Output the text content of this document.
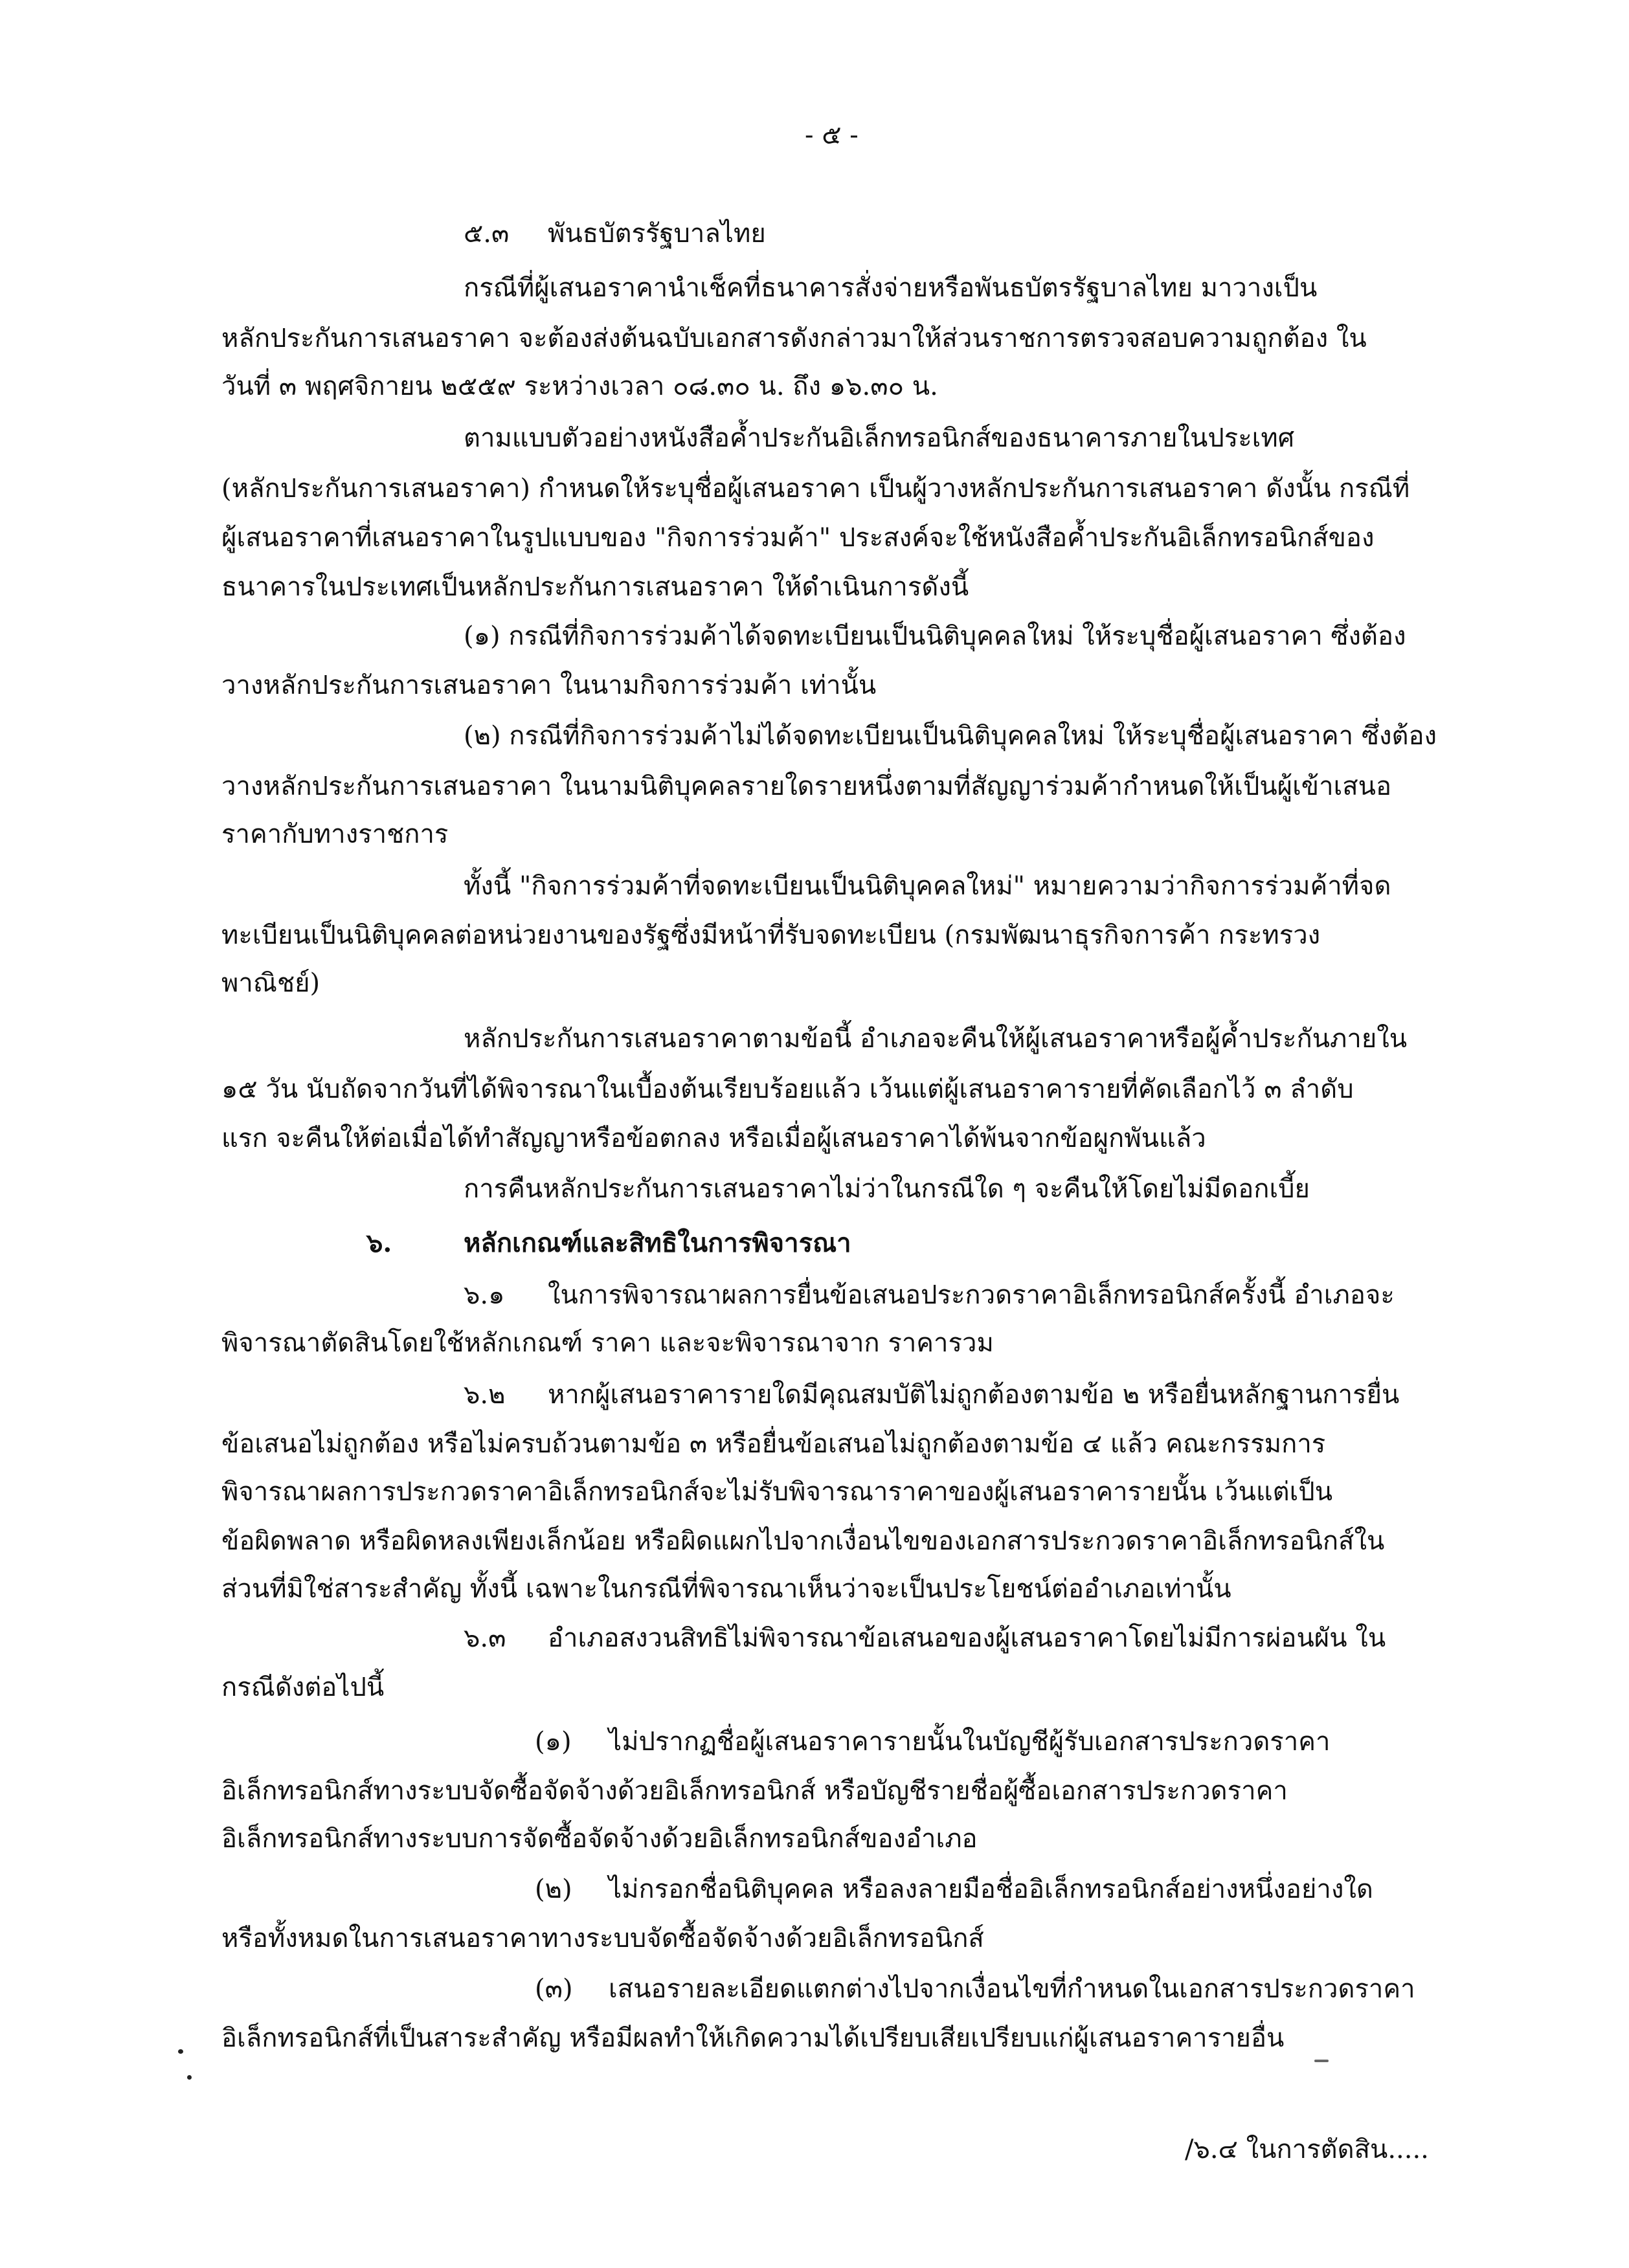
- ๕ -
๕.๓ พันธบัตรรัฐบาลไทย
กรณีที่ผู้เสนอราคานำเช็คที่ธนาคารสั่งจ่ายหรือพันธบัตรรัฐบาลไทย มาวางเป็น
หลักประกันการเสนอราคา จะต้องส่งต้นฉบับเอกสารดังกล่าวมาให้ส่วนราชการตรวจสอบความถูกต้อง ใน
วันที่ ๓ พฤศจิกายน ๒๕๕๙ ระหว่างเวลา ๐๘.๓๐ น. ถึง ๑๖.๓๐ น.
ตามแบบตัวอย่างหนังสือค้ำประกันอิเล็กทรอนิกส์ของธนาคารภายในประเทศ
(หลักประกันการเสนอราคา) กำหนดให้ระบุชื่อผู้เสนอราคา เป็นผู้วางหลักประกันการเสนอราคา ดังนั้น กรณีที่
ผู้เสนอราคาที่เสนอราคาในรูปแบบของ "กิจการร่วมค้า" ประสงค์จะใช้หนังสือค้ำประกันอิเล็กทรอนิกส์ของ
ธนาคารในประเทศเป็นหลักประกันการเสนอราคา ให้ดำเนินการดังนี้
(๑) กรณีที่กิจการร่วมค้าได้จดทะเบียนเป็นนิติบุคคลใหม่ ให้ระบุชื่อผู้เสนอราคา ซึ่งต้อง
วางหลักประกันการเสนอราคา ในนามกิจการร่วมค้า เท่านั้น
(๒) กรณีที่กิจการร่วมค้าไม่ได้จดทะเบียนเป็นนิติบุคคลใหม่ ให้ระบุชื่อผู้เสนอราคา ซึ่งต้อง
วางหลักประกันการเสนอราคา ในนามนิติบุคคลรายใดรายหนึ่งตามที่สัญญาร่วมค้ากำหนดให้เป็นผู้เข้าเสนอ
ราคากับทางราชการ
ทั้งนี้ "กิจการร่วมค้าที่จดทะเบียนเป็นนิติบุคคลใหม่" หมายความว่ากิจการร่วมค้าที่จด
ทะเบียนเป็นนิติบุคคลต่อหน่วยงานของรัฐซึ่งมีหน้าที่รับจดทะเบียน (กรมพัฒนาธุรกิจการค้า กระทรวง
พาณิชย์)
หลักประกันการเสนอราคาตามข้อนี้ อำเภอจะคืนให้ผู้เสนอราคาหรือผู้ค้ำประกันภายใน
๑๕ วัน นับถัดจากวันที่ได้พิจารณาในเบื้องต้นเรียบร้อยแล้ว เว้นแต่ผู้เสนอราคารายที่คัดเลือกไว้ ๓ ลำดับ
แรก จะคืนให้ต่อเมื่อได้ทำสัญญาหรือข้อตกลง หรือเมื่อผู้เสนอราคาได้พ้นจากข้อผูกพันแล้ว
การคืนหลักประกันการเสนอราคาไม่ว่าในกรณีใด ๆ จะคืนให้โดยไม่มีดอกเบี้ย
๖.	หลักเกณฑ์และสิทธิในการพิจารณา
๖.๑ ในการพิจารณาผลการยื่นข้อเสนอประกวดราคาอิเล็กทรอนิกส์ครั้งนี้ อำเภอจะ
พิจารณาตัดสินโดยใช้หลักเกณฑ์ ราคา และจะพิจารณาจาก ราคารวม
๖.๒ หากผู้เสนอราคารายใดมีคุณสมบัติไม่ถูกต้องตามข้อ ๒ หรือยื่นหลักฐานการยื่น
ข้อเสนอไม่ถูกต้อง หรือไม่ครบถ้วนตามข้อ ๓ หรือยื่นข้อเสนอไม่ถูกต้องตามข้อ ๔ แล้ว คณะกรรมการ
พิจารณาผลการประกวดราคาอิเล็กทรอนิกส์จะไม่รับพิจารณาราคาของผู้เสนอราคารายนั้น เว้นแต่เป็น
ข้อผิดพลาด หรือผิดหลงเพียงเล็กน้อย หรือผิดแผกไปจากเงื่อนไขของเอกสารประกวดราคาอิเล็กทรอนิกส์ใน
ส่วนที่มิใช่สาระสำคัญ ทั้งนี้ เฉพาะในกรณีที่พิจารณาเห็นว่าจะเป็นประโยชน์ต่ออำเภอเท่านั้น
๖.๓ อำเภอสงวนสิทธิไม่พิจารณาข้อเสนอของผู้เสนอราคาโดยไม่มีการผ่อนผัน ใน
กรณีดังต่อไปนี้
(๑) ไม่ปรากฏชื่อผู้เสนอราคารายนั้นในบัญชีผู้รับเอกสารประกวดราคา
อิเล็กทรอนิกส์ทางระบบจัดซื้อจัดจ้างด้วยอิเล็กทรอนิกส์ หรือบัญชีรายชื่อผู้ซื้อเอกสารประกวดราคา
อิเล็กทรอนิกส์ทางระบบการจัดซื้อจัดจ้างด้วยอิเล็กทรอนิกส์ของอำเภอ
(๒) ไม่กรอกชื่อนิติบุคคล หรือลงลายมือชื่ออิเล็กทรอนิกส์อย่างหนึ่งอย่างใด
หรือทั้งหมดในการเสนอราคาทางระบบจัดซื้อจัดจ้างด้วยอิเล็กทรอนิกส์
(๓) เสนอรายละเอียดแตกต่างไปจากเงื่อนไขที่กำหนดในเอกสารประกวดราคา
อิเล็กทรอนิกส์ที่เป็นสาระสำคัญ หรือมีผลทำให้เกิดความได้เปรียบเสียเปรียบแก่ผู้เสนอราคารายอื่น
/๖.๔ ในการตัดสิน.....
